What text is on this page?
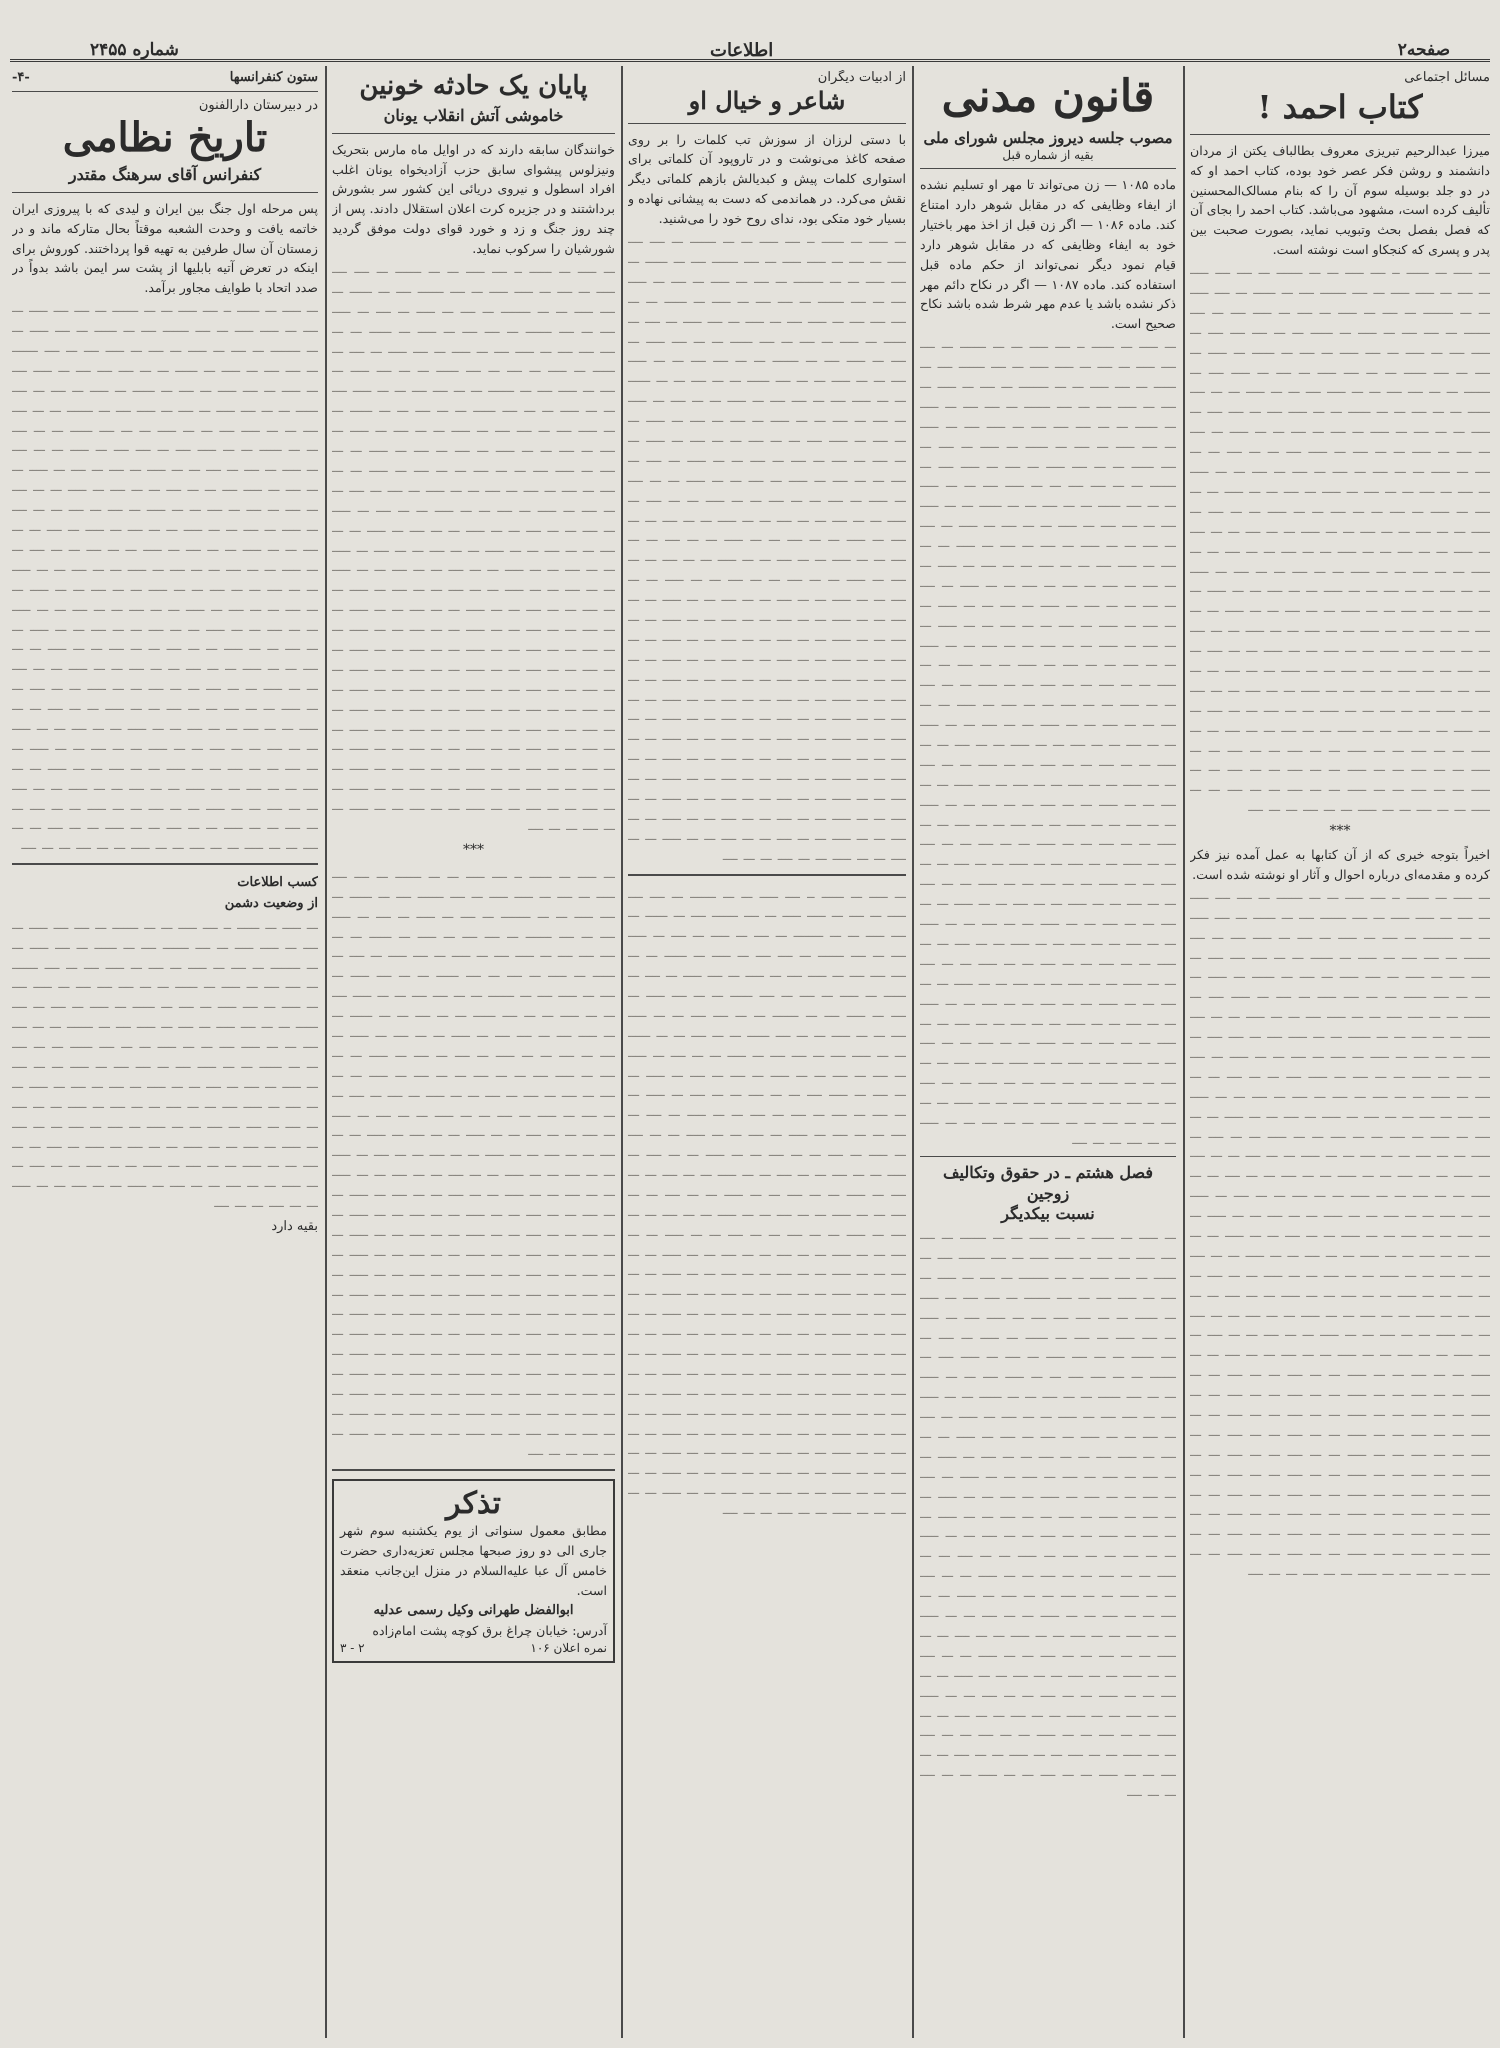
شماره ۲۴۵۵	اطلاعات	صفحه‌۲
مسائل اجتماعی
کتاب احمد !
میرزا عبدالرحیم تبریزی معروف بطالباف یکتن از مردان دانشمند و روشن فکر عصر خود بوده، کتاب احمد او که در دو جلد بوسیله سوم آن را که بنام مسالک‌المحسنین تألیف کرده است، مشهود می‌باشد. کتاب احمد را بجای آن که فصل بفصل بحث وتبویب نماید، بصورت صحبت بین پدر و پسری که کنجکاو است نوشته است.
ـــ ـــــ ـــ ــــــ ــ ــــ ـــــ ـــ ـــ ـــــــ ـــ ــــ ــــ ـــــ ـــ ــــ ـــ ـــــ ـــــ ـــ ــــ ـــــــ ــــ ـــ ــــــ ـــ ــــ ـــــ ـــ ـــ ــــــــ ـــ ــــ ـــ ـــــ ـــ ــــ ـــ ـــــ ــــ ـــ ــــ ـــــــ ـــ ــــ ــــ ـــ ـــــ ـــ ــــــ ـــ ـــ ــــ ــــ ــــ ـــ ـــــ ــــ ـــ ـــــ ـــ ــــ ـــــ ـــ ــــ ـــ ــــــ ـــ ـــــ ـــ ــــ ـــ ــــ ــــــ ـــ ـــ ــــ ـــــ ـــ ــــ ـــ ـــــ ــــ ـــ ـــــــ ـــ ـــ ــــ ــــ ـــ ـــ ـــــ ــــ ـــ ـــ ـــــ ـــ ـــ ــــ ــــــ ـــ ـــ ــــ ـــ ـــ ــــــ ـــ ـــ ـــــ ــــ ـــ ــــ ــــ ـــ ـــــ ـــ ـــ ــــ ـــ ـــــ ـــ ــــ ـــ ــــ ـــ ـــ ـــــ ـــ ــــ ـــ ــــ ـــ ـــــ ـــ ـــ ــــ ـــ ـــــ ــــ ـــ ـــ ــــ ـــ ـــ ــــ ـــ ـــــ ـــ ـــ ــــ ـــ ــــ ـــ ــــ ـــ ــــ ـــ ـــ ـــــ ـــ ــــ ـــ ــــ ـــ ـــ ــــ ـــ ـــــ ـــ ــــ ـــ ـــ ـــــ ـــ ـــ ــــ ـــ ـــــ ـــ ــــ ـــ ـــ ــــ ـــ ـــ ـــــ ـــ ـــ ــــ ـــ ـــــ ـــ ـــ ــــ ـــ ـــ ــــ ـــ ـــ ـــــ ـــ ـــ ــــ ـــ ـــ ــــ ـــ ـــــ ـــ ـــ ــــ ـــ ـــ ـــــ ـــ ـــ ــــ ـــ ـــ ــــ ـــ ـــ ـــــ ـــ ـــ ــــ ـــ ـــ ـــــ ـــ ـــ ــــ ـــ ـــ ــــ ـــ ـــــ ـــ ـــ ــــ ـــ ـــ ــــ ـــ ـــ ـــــ ـــ ـــ ــــ ـــ ـــ ـــــ ـــ ـــ ــــ ـــ ـــ ــــ ـــ ـــ ـــــ ـــ ـــ ــــ ـــ ـــ ـــــ ـــ ـــ ــــ ـــ ـــ ــــ ـــ ـــ ـــــ ـــ ـــ ــــ ـــ ـــ ـــــ ـــ ـــ ــــ ـــ ـــ ــــ ـــ ـــ ـــــ ـــ ـــ ــــ ـــ ـــ ـــــ ـــ ـــ ــــ ـــ ـــ ــــ ـــ ـــ ـــــ ـــ ـــ ــــ ـــ ـــ ـــــ ـــ ـــ ــــ ـــ ـــ ــــ ـــ ـــ ـــــ ـــ ـــ ــــ ـــ ـــ ـــــ ـــ ـــ ــــ ـــ ـــ ــــ ـــ ـــ ـــــ ـــ ـــ ــــ ـــ ـــ ـــــ ـــ ـــ ــــ ـــ ـــ ــــ ـــ ـــ ـــــ ـــ ـــ ــــ ـــ ـــ ـــــ ـــ ـــ ــــ ـــ ـــ ــــ ـــ ـــ ـــــ ـــ ـــ ــــ ـــ ـــ ـــــ ـــ ـــ ــــ ـــ ـــ ــــ ـــ ـــ ـــــ ـــ ـــ ــــ ـــ ـــ ـــــ ـــ ـــ ــــ ـــ ـــ ــــ ـــ ـــ ـــــ ـــ ـــ ــــ ـــ ـــ ـــــ ـــ ـــ ــــ ـــ ـــ ــــ ـــ ـــ ـــــ ـــ ـــ ــــ ـــ ـــ ـــــ ـــ ـــ ــــ ـــ ـــ ــــ
***
اخیراً بتوجه خیری که از آن کتابها به عمل آمده نیز فکر کرده و مقدمه‌ای درباره احوال و آثار او نوشته شده است.
ـــ ـــــ ـــ ــــــ ــ ــــ ـــــ ـــ ـــ ـــــــ ـــ ــــ ــــ ـــــ ـــ ــــ ـــ ـــــ ـــــ ـــ ــــ ـــــــ ــــ ـــ ــــــ ـــ ــــ ـــــ ـــ ـــ ــــــــ ـــ ــــ ـــ ـــــ ـــ ــــ ـــ ـــــ ــــ ـــ ــــ ـــــــ ـــ ــــ ــــ ـــ ـــــ ـــ ــــــ ـــ ـــ ــــ ــــ ــــ ـــ ـــــ ــــ ـــ ـــــ ـــ ــــ ـــــ ـــ ــــ ـــ ــــــ ـــ ـــــ ـــ ــــ ـــ ــــ ــــــ ـــ ـــ ــــ ـــــ ـــ ــــ ـــ ـــــ ــــ ـــ ـــــــ ـــ ـــ ــــ ــــ ـــ ـــ ـــــ ــــ ـــ ـــ ـــــ ـــ ـــ ــــ ــــــ ـــ ـــ ــــ ـــ ـــ ــــــ ـــ ـــ ـــــ ــــ ـــ ــــ ــــ ـــ ـــــ ـــ ـــ ــــ ـــ ـــــ ـــ ــــ ـــ ــــ ـــ ـــ ـــــ ـــ ــــ ـــ ــــ ـــ ـــــ ـــ ـــ ــــ ـــ ـــــ ــــ ـــ ـــ ــــ ـــ ـــ ــــ ـــ ـــــ ـــ ـــ ــــ ـــ ــــ ـــ ــــ ـــ ــــ ـــ ـــ ـــــ ـــ ــــ ـــ ــــ ـــ ـــ ــــ ـــ ـــــ ـــ ــــ ـــ ـــ ـــــ ـــ ـــ ــــ ـــ ـــــ ـــ ــــ ـــ ـــ ــــ ـــ ـــ ـــــ ـــ ـــ ــــ ـــ ـــــ ـــ ـــ ــــ ـــ ـــ ــــ ـــ ـــ ـــــ ـــ ـــ ــــ ـــ ـــ ــــ ـــ ـــــ ـــ ـــ ــــ ـــ ـــ ـــــ ـــ ـــ ــــ ـــ ـــ ــــ ـــ ـــ ـــــ ـــ ـــ ــــ ـــ ـــ ـــــ ـــ ـــ ــــ ـــ ـــ ــــ ـــ ـــــ ـــ ـــ ــــ ـــ ـــ ــــ ـــ ـــ ـــــ ـــ ـــ ــــ ـــ ـــ ـــــ ـــ ـــ ــــ ـــ ـــ ــــ ـــ ـــ ـــــ ـــ ـــ ــــ ـــ ـــ ـــــ ـــ ـــ ــــ ـــ ـــ ــــ ـــ ـــ ـــــ ـــ ـــ ــــ ـــ ـــ ـــــ ـــ ـــ ــــ ـــ ـــ ــــ ـــ ـــ ـــــ ـــ ـــ ــــ ـــ ـــ ـــــ ـــ ـــ ــــ ـــ ـــ ــــ ـــ ـــ ـــــ ـــ ـــ ــــ ـــ ـــ ـــــ ـــ ـــ ــــ ـــ ـــ ــــ ـــ ـــ ـــــ ـــ ـــ ــــ ـــ ـــ ـــــ ـــ ـــ ــــ ـــ ـــ ــــ ـــ ـــ ـــــ ـــ ـــ ــــ ـــ ـــ ـــــ ـــ ـــ ــــ ـــ ـــ ــــ ـــ ـــ ـــــ ـــ ـــ ــــ ـــ ـــ ـــــ ـــ ـــ ــــ ـــ ـــ ــــ ـــ ـــ ـــــ ـــ ـــ ــــ ـــ ـــ ـــــ ـــ ـــ ــــ ـــ ـــ ــــ ـــ ـــ ـــــ ـــ ـــ ــــ ـــ ـــ ـــــ ـــ ـــ ــــ ـــ ـــ ــــ ـــ ـــ ـــــ ـــ ـــ ــــ ـــ ـــ ـــــ ـــ ـــ ــــ ـــ ـــ ــــ ـــ ـــ ـــــ ـــ ـــ ــــ ـــ ـــ ـــــ ـــ ـــ ــــ ـــ ـــ ــــ ـــ ـــ ـــــ ـــ ـــ ــــ ـــ ـــ ـــــ ـــ ـــ ــــ ـــ ـــ ــــ ـــ ـــ ـــــ ـــ ـــ ــــ ـــ ـــ ـــــ ـــ ـــ ــــ ـــ ـــ ــــ ـــ ـــ ـــــ ـــ ـــ ــــ ـــ ـــ ـــــ ـــ ـــ ــــ ـــ ـــ ــــ ـــ ـــ ـــــ ـــ ـــ ــــ ـــ ـــ ـــــ ـــ ـــ ــــ ـــ ـــ ــــ ـــ ـــ ـــــ ـــ ـــ ــــ ـــ ـــ ـــــ ـــ ـــ ــــ ـــ ـــ ــــ ـــ ـــ ـــــ ـــ ـــ ــــ ـــ ـــ ـــــ ـــ ـــ ــــ ـــ ـــ ــــ ـــ ـــ ـــــ ـــ ـــ ــــ ـــ ـــ ـــــ ـــ ـــ ــــ ـــ ـــ ــــ
قانون مدنی
مصوب جلسه دیروز مجلس شورای ملی
بقیه از شماره قبل
ماده ۱۰۸۵ — زن می‌تواند تا مهر او تسلیم نشده از ایفاء وظایفی که در مقابل شوهر دارد امتناع کند. ماده ۱۰۸۶ — اگر زن قبل از اخذ مهر باختیار خود به ایفاء وظایفی که در مقابل شوهر دارد قیام نمود دیگر نمی‌تواند از حکم ماده قبل استفاده کند. ماده ۱۰۸۷ — اگر در نکاح دائم مهر ذکر نشده باشد یا عدم مهر شرط شده باشد نکاح صحیح است.
ـــ ـــــ ـــ ــــــ ــ ــــ ـــــ ـــ ـــ ـــــــ ـــ ــــ ــــ ـــــ ـــ ــــ ـــ ـــــ ـــــ ـــ ــــ ـــــــ ــــ ـــ ــــــ ـــ ــــ ـــــ ـــ ـــ ــــــــ ـــ ــــ ـــ ـــــ ـــ ــــ ـــ ـــــ ــــ ـــ ــــ ـــــــ ـــ ــــ ــــ ـــ ـــــ ـــ ــــــ ـــ ـــ ــــ ــــ ــــ ـــ ـــــ ــــ ـــ ـــــ ـــ ــــ ـــــ ـــ ــــ ـــ ــــــ ـــ ـــــ ـــ ــــ ـــ ــــ ــــــ ـــ ـــ ــــ ـــــ ـــ ــــ ـــ ـــــ ــــ ـــ ـــــــ ـــ ـــ ــــ ــــ ـــ ـــ ـــــ ــــ ـــ ـــ ـــــ ـــ ـــ ــــ ــــــ ـــ ـــ ــــ ـــ ـــ ــــــ ـــ ـــ ـــــ ــــ ـــ ــــ ــــ ـــ ـــــ ـــ ـــ ــــ ـــ ـــــ ـــ ــــ ـــ ــــ ـــ ـــ ـــــ ـــ ــــ ـــ ــــ ـــ ـــــ ـــ ـــ ــــ ـــ ـــــ ــــ ـــ ـــ ــــ ـــ ـــ ــــ ـــ ـــــ ـــ ـــ ــــ ـــ ــــ ـــ ــــ ـــ ــــ ـــ ـــ ـــــ ـــ ــــ ـــ ــــ ـــ ـــ ــــ ـــ ـــــ ـــ ــــ ـــ ـــ ـــــ ـــ ـــ ــــ ـــ ـــــ ـــ ــــ ـــ ـــ ــــ ـــ ـــ ـــــ ـــ ـــ ــــ ـــ ـــــ ـــ ـــ ــــ ـــ ـــ ــــ ـــ ـــ ـــــ ـــ ـــ ــــ ـــ ـــ ــــ ـــ ـــــ ـــ ـــ ــــ ـــ ـــ ـــــ ـــ ـــ ــــ ـــ ـــ ــــ ـــ ـــ ـــــ ـــ ـــ ــــ ـــ ـــ ـــــ ـــ ـــ ــــ ـــ ـــ ــــ ـــ ـــــ ـــ ـــ ــــ ـــ ـــ ــــ ـــ ـــ ـــــ ـــ ـــ ــــ ـــ ـــ ـــــ ـــ ـــ ــــ ـــ ـــ ــــ ـــ ـــ ـــــ ـــ ـــ ــــ ـــ ـــ ـــــ ـــ ـــ ــــ ـــ ـــ ــــ ـــ ـــ ـــــ ـــ ـــ ــــ ـــ ـــ ـــــ ـــ ـــ ــــ ـــ ـــ ــــ ـــ ـــ ـــــ ـــ ـــ ــــ ـــ ـــ ـــــ ـــ ـــ ــــ ـــ ـــ ــــ ـــ ـــ ـــــ ـــ ـــ ــــ ـــ ـــ ـــــ ـــ ـــ ــــ ـــ ـــ ــــ ـــ ـــ ـــــ ـــ ـــ ــــ ـــ ـــ ـــــ ـــ ـــ ــــ ـــ ـــ ــــ ـــ ـــ ـــــ ـــ ـــ ــــ ـــ ـــ ـــــ ـــ ـــ ــــ ـــ ـــ ــــ ـــ ـــ ـــــ ـــ ـــ ــــ ـــ ـــ ـــــ ـــ ـــ ــــ ـــ ـــ ــــ ـــ ـــ ـــــ ـــ ـــ ــــ ـــ ـــ ـــــ ـــ ـــ ــــ ـــ ـــ ــــ ـــ ـــ ـــــ ـــ ـــ ــــ ـــ ـــ ـــــ ـــ ـــ ــــ ـــ ـــ ــــ ـــ ـــ ـــــ ـــ ـــ ــــ ـــ ـــ ـــــ ـــ ـــ ــــ ـــ ـــ ــــ ـــ ـــ ـــــ ـــ ـــ ــــ ـــ ـــ ـــــ ـــ ـــ ــــ ـــ ـــ ــــ ـــ ـــ ـــــ ـــ ـــ ــــ ـــ ـــ ـــــ ـــ ـــ ــــ ـــ ـــ ــــ ـــ ـــ ـــــ ـــ ـــ ــــ ـــ ـــ ـــــ ـــ ـــ ــــ ـــ ـــ ــــ ـــ ـــ ـــــ ـــ ـــ ــــ ـــ ـــ ـــــ ـــ ـــ ــــ ـــ ـــ ــــ ـــ ـــ ـــــ ـــ ـــ ــــ ـــ ـــ ـــــ ـــ ـــ ــــ ـــ ـــ ــــ ـــ ـــ ـــــ ـــ ـــ ــــ ـــ ـــ ـــــ ـــ ـــ ــــ ـــ ـــ ــــ ـــ ـــ ـــــ ـــ ـــ ــــ ـــ ـــ ـــــ ـــ ـــ ــــ ـــ ـــ ــــ ـــ ـــ ـــــ ـــ ـــ ــــ ـــ ـــ ـــــ ـــ ـــ ــــ ـــ ـــ ــــ
فصل هشتم ـ در حقوق وتکالیف زوجین
نسبت بیکدیگر
ـــ ـــــ ـــ ــــــ ــ ــــ ـــــ ـــ ـــ ـــــــ ـــ ــــ ــــ ـــــ ـــ ــــ ـــ ـــــ ـــــ ـــ ــــ ـــــــ ــــ ـــ ــــــ ـــ ــــ ـــــ ـــ ـــ ــــــــ ـــ ــــ ـــ ـــــ ـــ ــــ ـــ ـــــ ــــ ـــ ــــ ـــــــ ـــ ــــ ــــ ـــ ـــــ ـــ ــــــ ـــ ـــ ــــ ــــ ــــ ـــ ـــــ ــــ ـــ ـــــ ـــ ــــ ـــــ ـــ ــــ ـــ ــــــ ـــ ـــــ ـــ ــــ ـــ ــــ ــــــ ـــ ـــ ــــ ـــــ ـــ ــــ ـــ ـــــ ــــ ـــ ـــــــ ـــ ـــ ــــ ــــ ـــ ـــ ـــــ ــــ ـــ ـــ ـــــ ـــ ـــ ــــ ــــــ ـــ ـــ ــــ ـــ ـــ ــــــ ـــ ـــ ـــــ ــــ ـــ ــــ ــــ ـــ ـــــ ـــ ـــ ــــ ـــ ـــــ ـــ ــــ ـــ ــــ ـــ ـــ ـــــ ـــ ــــ ـــ ــــ ـــ ـــــ ـــ ـــ ــــ ـــ ـــــ ــــ ـــ ـــ ــــ ـــ ـــ ــــ ـــ ـــــ ـــ ـــ ــــ ـــ ــــ ـــ ــــ ـــ ــــ ـــ ـــ ـــــ ـــ ــــ ـــ ــــ ـــ ـــ ــــ ـــ ـــــ ـــ ــــ ـــ ـــ ـــــ ـــ ـــ ــــ ـــ ـــــ ـــ ــــ ـــ ـــ ــــ ـــ ـــ ـــــ ـــ ـــ ــــ ـــ ـــــ ـــ ـــ ــــ ـــ ـــ ــــ ـــ ـــ ـــــ ـــ ـــ ــــ ـــ ـــ ــــ ـــ ـــــ ـــ ـــ ــــ ـــ ـــ ـــــ ـــ ـــ ــــ ـــ ـــ ــــ ـــ ـــ ـــــ ـــ ـــ ــــ ـــ ـــ ـــــ ـــ ـــ ــــ ـــ ـــ ــــ ـــ ـــــ ـــ ـــ ــــ ـــ ـــ ــــ ـــ ـــ ـــــ ـــ ـــ ــــ ـــ ـــ ـــــ ـــ ـــ ــــ ـــ ـــ ــــ ـــ ـــ ـــــ ـــ ـــ ــــ ـــ ـــ ـــــ ـــ ـــ ــــ ـــ ـــ ــــ ـــ ـــ ـــــ ـــ ـــ ــــ ـــ ـــ ـــــ ـــ ـــ ــــ ـــ ـــ ــــ ـــ ـــ ـــــ ـــ ـــ ــــ ـــ ـــ ـــــ ـــ ـــ ــــ ـــ ـــ ــــ ـــ ـــ ـــــ ـــ ـــ ــــ ـــ ـــ ـــــ ـــ ـــ ــــ ـــ ـــ ــــ ـــ ـــ ـــــ ـــ ـــ ــــ ـــ ـــ ـــــ ـــ ـــ ــــ ـــ ـــ ــــ ـــ ـــ ـــــ ـــ ـــ ــــ ـــ ـــ ـــــ ـــ ـــ ــــ ـــ ـــ ــــ ـــ ـــ ـــــ ـــ ـــ ــــ ـــ ـــ ـــــ ـــ ـــ ــــ ـــ ـــ ــــ
از ادبیات دیگران
شاعر و خیال او
با دستی لرزان از سوزش تب کلمات را بر روی صفحه کاغذ می‌نوشت و در تاروپود آن کلماتی برای استواری کلمات پیش و کبدیالش بازهم کلماتی دیگر نقش می‌کرد. در هماندمی که دست به پیشانی نهاده و بسیار خود متکی بود، ندای روح خود را می‌شنید.
ـــ ـــــ ـــ ــــــ ــ ــــ ـــــ ـــ ـــ ـــــــ ـــ ــــ ــــ ـــــ ـــ ــــ ـــ ـــــ ـــــ ـــ ــــ ـــــــ ــــ ـــ ــــــ ـــ ــــ ـــــ ـــ ـــ ــــــــ ـــ ــــ ـــ ـــــ ـــ ــــ ـــ ـــــ ــــ ـــ ــــ ـــــــ ـــ ــــ ــــ ـــ ـــــ ـــ ــــــ ـــ ـــ ــــ ــــ ــــ ـــ ـــــ ــــ ـــ ـــــ ـــ ــــ ـــــ ـــ ــــ ـــ ــــــ ـــ ـــــ ـــ ــــ ـــ ــــ ــــــ ـــ ـــ ــــ ـــــ ـــ ــــ ـــ ـــــ ــــ ـــ ـــــــ ـــ ـــ ــــ ــــ ـــ ـــ ـــــ ــــ ـــ ـــ ـــــ ـــ ـــ ــــ ــــــ ـــ ـــ ــــ ـــ ـــ ــــــ ـــ ـــ ـــــ ــــ ـــ ــــ ــــ ـــ ـــــ ـــ ـــ ــــ ـــ ـــــ ـــ ــــ ـــ ــــ ـــ ـــ ـــــ ـــ ــــ ـــ ــــ ـــ ـــــ ـــ ـــ ــــ ـــ ـــــ ــــ ـــ ـــ ــــ ـــ ـــ ــــ ـــ ـــــ ـــ ـــ ــــ ـــ ــــ ـــ ــــ ـــ ــــ ـــ ـــ ـــــ ـــ ــــ ـــ ــــ ـــ ـــ ــــ ـــ ـــــ ـــ ــــ ـــ ـــ ـــــ ـــ ـــ ــــ ـــ ـــــ ـــ ــــ ـــ ـــ ــــ ـــ ـــ ـــــ ـــ ـــ ــــ ـــ ـــــ ـــ ـــ ــــ ـــ ـــ ــــ ـــ ـــ ـــــ ـــ ـــ ــــ ـــ ـــ ــــ ـــ ـــــ ـــ ـــ ــــ ـــ ـــ ـــــ ـــ ـــ ــــ ـــ ـــ ــــ ـــ ـــ ـــــ ـــ ـــ ــــ ـــ ـــ ـــــ ـــ ـــ ــــ ـــ ـــ ــــ ـــ ـــــ ـــ ـــ ــــ ـــ ـــ ــــ ـــ ـــ ـــــ ـــ ـــ ــــ ـــ ـــ ـــــ ـــ ـــ ــــ ـــ ـــ ــــ ـــ ـــ ـــــ ـــ ـــ ــــ ـــ ـــ ـــــ ـــ ـــ ــــ ـــ ـــ ــــ ـــ ـــ ـــــ ـــ ـــ ــــ ـــ ـــ ـــــ ـــ ـــ ــــ ـــ ـــ ــــ ـــ ـــ ـــــ ـــ ـــ ــــ ـــ ـــ ـــــ ـــ ـــ ــــ ـــ ـــ ــــ ـــ ـــ ـــــ ـــ ـــ ــــ ـــ ـــ ـــــ ـــ ـــ ــــ ـــ ـــ ــــ ـــ ـــ ـــــ ـــ ـــ ــــ ـــ ـــ ـــــ ـــ ـــ ــــ ـــ ـــ ــــ ـــ ـــ ـــــ ـــ ـــ ــــ ـــ ـــ ـــــ ـــ ـــ ــــ ـــ ـــ ــــ ـــ ـــ ـــــ ـــ ـــ ــــ ـــ ـــ ـــــ ـــ ـــ ــــ ـــ ـــ ــــ ـــ ـــ ـــــ ـــ ـــ ــــ ـــ ـــ ـــــ ـــ ـــ ــــ ـــ ـــ ــــ ـــ ـــ ـــــ ـــ ـــ ــــ ـــ ـــ ـــــ ـــ ـــ ــــ ـــ ـــ ــــ ـــ ـــ ـــــ ـــ ـــ ــــ ـــ ـــ ـــــ ـــ ـــ ــــ ـــ ـــ ــــ ـــ ـــ ـــــ ـــ ـــ ــــ ـــ ـــ ـــــ ـــ ـــ ــــ ـــ ـــ ــــ ـــ ـــ ـــــ ـــ ـــ ــــ ـــ ـــ ـــــ ـــ ـــ ــــ ـــ ـــ ــــ ـــ ـــ ـــــ ـــ ـــ ــــ ـــ ـــ ـــــ ـــ ـــ ــــ ـــ ـــ ــــ
ـــ ـــــ ـــ ــــــ ــ ــــ ـــــ ـــ ـــ ـــــــ ـــ ــــ ــــ ـــــ ـــ ــــ ـــ ـــــ ـــــ ـــ ــــ ـــــــ ــــ ـــ ــــــ ـــ ــــ ـــــ ـــ ـــ ــــــــ ـــ ــــ ـــ ـــــ ـــ ــــ ـــ ـــــ ــــ ـــ ــــ ـــــــ ـــ ــــ ــــ ـــ ـــــ ـــ ــــــ ـــ ـــ ــــ ــــ ــــ ـــ ـــــ ــــ ـــ ـــــ ـــ ــــ ـــــ ـــ ــــ ـــ ــــــ ـــ ـــــ ـــ ــــ ـــ ــــ ــــــ ـــ ـــ ــــ ـــــ ـــ ــــ ـــ ـــــ ــــ ـــ ـــــــ ـــ ـــ ــــ ــــ ـــ ـــ ـــــ ــــ ـــ ـــ ـــــ ـــ ـــ ــــ ــــــ ـــ ـــ ــــ ـــ ـــ ــــــ ـــ ـــ ـــــ ــــ ـــ ــــ ــــ ـــ ـــــ ـــ ـــ ــــ ـــ ـــــ ـــ ــــ ـــ ــــ ـــ ـــ ـــــ ـــ ــــ ـــ ــــ ـــ ـــــ ـــ ـــ ــــ ـــ ـــــ ــــ ـــ ـــ ــــ ـــ ـــ ــــ ـــ ـــــ ـــ ـــ ــــ ـــ ــــ ـــ ــــ ـــ ــــ ـــ ـــ ـــــ ـــ ــــ ـــ ــــ ـــ ـــ ــــ ـــ ـــــ ـــ ــــ ـــ ـــ ـــــ ـــ ـــ ــــ ـــ ـــــ ـــ ــــ ـــ ـــ ــــ ـــ ـــ ـــــ ـــ ـــ ــــ ـــ ـــــ ـــ ـــ ــــ ـــ ـــ ــــ ـــ ـــ ـــــ ـــ ـــ ــــ ـــ ـــ ــــ ـــ ـــــ ـــ ـــ ــــ ـــ ـــ ـــــ ـــ ـــ ــــ ـــ ـــ ــــ ـــ ـــ ـــــ ـــ ـــ ــــ ـــ ـــ ـــــ ـــ ـــ ــــ ـــ ـــ ــــ ـــ ـــــ ـــ ـــ ــــ ـــ ـــ ــــ ـــ ـــ ـــــ ـــ ـــ ــــ ـــ ـــ ـــــ ـــ ـــ ــــ ـــ ـــ ــــ ـــ ـــ ـــــ ـــ ـــ ــــ ـــ ـــ ـــــ ـــ ـــ ــــ ـــ ـــ ــــ ـــ ـــ ـــــ ـــ ـــ ــــ ـــ ـــ ـــــ ـــ ـــ ــــ ـــ ـــ ــــ ـــ ـــ ـــــ ـــ ـــ ــــ ـــ ـــ ـــــ ـــ ـــ ــــ ـــ ـــ ــــ ـــ ـــ ـــــ ـــ ـــ ــــ ـــ ـــ ـــــ ـــ ـــ ــــ ـــ ـــ ــــ ـــ ـــ ـــــ ـــ ـــ ــــ ـــ ـــ ـــــ ـــ ـــ ــــ ـــ ـــ ــــ ـــ ـــ ـــــ ـــ ـــ ــــ ـــ ـــ ـــــ ـــ ـــ ــــ ـــ ـــ ــــ ـــ ـــ ـــــ ـــ ـــ ــــ ـــ ـــ ـــــ ـــ ـــ ــــ ـــ ـــ ــــ ـــ ـــ ـــــ ـــ ـــ ــــ ـــ ـــ ـــــ ـــ ـــ ــــ ـــ ـــ ــــ ـــ ـــ ـــــ ـــ ـــ ــــ ـــ ـــ ـــــ ـــ ـــ ــــ ـــ ـــ ــــ ـــ ـــ ـــــ ـــ ـــ ــــ ـــ ـــ ـــــ ـــ ـــ ــــ ـــ ـــ ــــ ـــ ـــ ـــــ ـــ ـــ ــــ ـــ ـــ ـــــ ـــ ـــ ــــ ـــ ـــ ــــ ـــ ـــ ـــــ ـــ ـــ ــــ ـــ ـــ ـــــ ـــ ـــ ــــ ـــ ـــ ــــ ـــ ـــ ـــــ ـــ ـــ ــــ ـــ ـــ ـــــ ـــ ـــ ــــ ـــ ـــ ــــ
پایان یک حادثه خونین
خاموشی آتش انقلاب یونان
خوانندگان سابقه دارند که در اوایل ماه مارس بتحریک ونیزلوس پیشوای سابق حزب آزادیخواه یونان اغلب افراد اسطول و نیروی دریائی این کشور سر بشورش برداشتند و در جزیره کرت اعلان استقلال دادند. پس از چند روز جنگ و زد و خورد قوای دولت موفق گردید شورشیان را سرکوب نماید.
ـــ ـــــ ـــ ــــــ ــ ــــ ـــــ ـــ ـــ ـــــــ ـــ ــــ ــــ ـــــ ـــ ــــ ـــ ـــــ ـــــ ـــ ــــ ـــــــ ــــ ـــ ــــــ ـــ ــــ ـــــ ـــ ـــ ــــــــ ـــ ــــ ـــ ـــــ ـــ ــــ ـــ ـــــ ــــ ـــ ــــ ـــــــ ـــ ــــ ــــ ـــ ـــــ ـــ ــــــ ـــ ـــ ــــ ــــ ــــ ـــ ـــــ ــــ ـــ ـــــ ـــ ــــ ـــــ ـــ ــــ ـــ ــــــ ـــ ـــــ ـــ ــــ ـــ ــــ ــــــ ـــ ـــ ــــ ـــــ ـــ ــــ ـــ ـــــ ــــ ـــ ـــــــ ـــ ـــ ــــ ــــ ـــ ـــ ـــــ ــــ ـــ ـــ ـــــ ـــ ـــ ــــ ــــــ ـــ ـــ ــــ ـــ ـــ ــــــ ـــ ـــ ـــــ ــــ ـــ ــــ ــــ ـــ ـــــ ـــ ـــ ــــ ـــ ـــــ ـــ ــــ ـــ ــــ ـــ ـــ ـــــ ـــ ــــ ـــ ــــ ـــ ـــــ ـــ ـــ ــــ ـــ ـــــ ــــ ـــ ـــ ــــ ـــ ـــ ــــ ـــ ـــــ ـــ ـــ ــــ ـــ ــــ ـــ ــــ ـــ ــــ ـــ ـــ ـــــ ـــ ــــ ـــ ــــ ـــ ـــ ــــ ـــ ـــــ ـــ ــــ ـــ ـــ ـــــ ـــ ـــ ــــ ـــ ـــــ ـــ ــــ ـــ ـــ ــــ ـــ ـــ ـــــ ـــ ـــ ــــ ـــ ـــــ ـــ ـــ ــــ ـــ ـــ ــــ ـــ ـــ ـــــ ـــ ـــ ــــ ـــ ـــ ــــ ـــ ـــــ ـــ ـــ ــــ ـــ ـــ ـــــ ـــ ـــ ــــ ـــ ـــ ــــ ـــ ـــ ـــــ ـــ ـــ ــــ ـــ ـــ ـــــ ـــ ـــ ــــ ـــ ـــ ــــ ـــ ـــــ ـــ ـــ ــــ ـــ ـــ ــــ ـــ ـــ ـــــ ـــ ـــ ــــ ـــ ـــ ـــــ ـــ ـــ ــــ ـــ ـــ ــــ ـــ ـــ ـــــ ـــ ـــ ــــ ـــ ـــ ـــــ ـــ ـــ ــــ ـــ ـــ ــــ ـــ ـــ ـــــ ـــ ـــ ــــ ـــ ـــ ـــــ ـــ ـــ ــــ ـــ ـــ ــــ ـــ ـــ ـــــ ـــ ـــ ــــ ـــ ـــ ـــــ ـــ ـــ ــــ ـــ ـــ ــــ ـــ ـــ ـــــ ـــ ـــ ــــ ـــ ـــ ـــــ ـــ ـــ ــــ ـــ ـــ ــــ ـــ ـــ ـــــ ـــ ـــ ــــ ـــ ـــ ـــــ ـــ ـــ ــــ ـــ ـــ ــــ ـــ ـــ ـــــ ـــ ـــ ــــ ـــ ـــ ـــــ ـــ ـــ ــــ ـــ ـــ ــــ ـــ ـــ ـــــ ـــ ـــ ــــ ـــ ـــ ـــــ ـــ ـــ ــــ ـــ ـــ ــــ ـــ ـــ ـــــ ـــ ـــ ــــ ـــ ـــ ـــــ ـــ ـــ ــــ ـــ ـــ ــــ ـــ ـــ ـــــ ـــ ـــ ــــ ـــ ـــ ـــــ ـــ ـــ ــــ ـــ ـــ ــــ ـــ ـــ ـــــ ـــ ـــ ــــ ـــ ـــ ـــــ ـــ ـــ ــــ ـــ ـــ ــــ
***
ـــ ـــــ ـــ ــــــ ــ ــــ ـــــ ـــ ـــ ـــــــ ـــ ــــ ــــ ـــــ ـــ ــــ ـــ ـــــ ـــــ ـــ ــــ ـــــــ ــــ ـــ ــــــ ـــ ــــ ـــــ ـــ ـــ ــــــــ ـــ ــــ ـــ ـــــ ـــ ــــ ـــ ـــــ ــــ ـــ ــــ ـــــــ ـــ ــــ ــــ ـــ ـــــ ـــ ــــــ ـــ ـــ ــــ ــــ ــــ ـــ ـــــ ــــ ـــ ـــــ ـــ ــــ ـــــ ـــ ــــ ـــ ــــــ ـــ ـــــ ـــ ــــ ـــ ــــ ــــــ ـــ ـــ ــــ ـــــ ـــ ــــ ـــ ـــــ ــــ ـــ ـــــــ ـــ ـــ ــــ ــــ ـــ ـــ ـــــ ــــ ـــ ـــ ـــــ ـــ ـــ ــــ ــــــ ـــ ـــ ــــ ـــ ـــ ــــــ ـــ ـــ ـــــ ــــ ـــ ــــ ــــ ـــ ـــــ ـــ ـــ ــــ ـــ ـــــ ـــ ــــ ـــ ــــ ـــ ـــ ـــــ ـــ ــــ ـــ ــــ ـــ ـــــ ـــ ـــ ــــ ـــ ـــــ ــــ ـــ ـــ ــــ ـــ ـــ ــــ ـــ ـــــ ـــ ـــ ــــ ـــ ــــ ـــ ــــ ـــ ــــ ـــ ـــ ـــــ ـــ ــــ ـــ ــــ ـــ ـــ ــــ ـــ ـــــ ـــ ــــ ـــ ـــ ـــــ ـــ ـــ ــــ ـــ ـــــ ـــ ــــ ـــ ـــ ــــ ـــ ـــ ـــــ ـــ ـــ ــــ ـــ ـــــ ـــ ـــ ــــ ـــ ـــ ــــ ـــ ـــ ـــــ ـــ ـــ ــــ ـــ ـــ ــــ ـــ ـــــ ـــ ـــ ــــ ـــ ـــ ـــــ ـــ ـــ ــــ ـــ ـــ ــــ ـــ ـــ ـــــ ـــ ـــ ــــ ـــ ـــ ـــــ ـــ ـــ ــــ ـــ ـــ ــــ ـــ ـــــ ـــ ـــ ــــ ـــ ـــ ــــ ـــ ـــ ـــــ ـــ ـــ ــــ ـــ ـــ ـــــ ـــ ـــ ــــ ـــ ـــ ــــ ـــ ـــ ـــــ ـــ ـــ ــــ ـــ ـــ ـــــ ـــ ـــ ــــ ـــ ـــ ــــ ـــ ـــ ـــــ ـــ ـــ ــــ ـــ ـــ ـــــ ـــ ـــ ــــ ـــ ـــ ــــ ـــ ـــ ـــــ ـــ ـــ ــــ ـــ ـــ ـــــ ـــ ـــ ــــ ـــ ـــ ــــ ـــ ـــ ـــــ ـــ ـــ ــــ ـــ ـــ ـــــ ـــ ـــ ــــ ـــ ـــ ــــ ـــ ـــ ـــــ ـــ ـــ ــــ ـــ ـــ ـــــ ـــ ـــ ــــ ـــ ـــ ــــ ـــ ـــ ـــــ ـــ ـــ ــــ ـــ ـــ ـــــ ـــ ـــ ــــ ـــ ـــ ــــ ـــ ـــ ـــــ ـــ ـــ ــــ ـــ ـــ ـــــ ـــ ـــ ــــ ـــ ـــ ــــ ـــ ـــ ـــــ ـــ ـــ ــــ ـــ ـــ ـــــ ـــ ـــ ــــ ـــ ـــ ــــ ـــ ـــ ـــــ ـــ ـــ ــــ ـــ ـــ ـــــ ـــ ـــ ــــ ـــ ـــ ــــ ـــ ـــ ـــــ ـــ ـــ ــــ ـــ ـــ ـــــ ـــ ـــ ــــ ـــ ـــ ــــ ـــ ـــ ـــــ ـــ ـــ ــــ ـــ ـــ ـــــ ـــ ـــ ــــ ـــ ـــ ــــ
تذکر
مطابق معمول سنواتی از یوم یکشنبه سوم شهر جاری الی دو روز صبحها مجلس تعزیه‌داری حضرت خامس آل عبا علیه‌السلام در منزل این‌جانب منعقد است.
ابوالفضل طهرانی وکیل رسمی عدلیه
آدرس: خیابان چراغ برق کوچه پشت امام‌زاده
نمره اعلان ۱۰۶
۲ - ۳
ستون کنفرانسها
-۴-
در دبیرستان دارالفنون
تاریخ نظامی
کنفرانس آقای سرهنگ مقتدر
پس مرحله اول جنگ بین ایران و لیدی که با پیروزی ایران خاتمه یافت و وحدت الشعبه موقتاً بحال متارکه ماند و در زمستان آن سال طرفین به تهیه قوا پرداختند. کوروش برای اینکه در تعرض آتیه بابلیها از پشت سر ایمن باشد بدواً در صدد اتحاد با طوایف مجاور برآمد.
ـــ ـــــ ـــ ــــــ ــ ــــ ـــــ ـــ ـــ ـــــــ ـــ ــــ ــــ ـــــ ـــ ــــ ـــ ـــــ ـــــ ـــ ــــ ـــــــ ــــ ـــ ــــــ ـــ ــــ ـــــ ـــ ـــ ــــــــ ـــ ــــ ـــ ـــــ ـــ ــــ ـــ ـــــ ــــ ـــ ــــ ـــــــ ـــ ــــ ــــ ـــ ـــــ ـــ ــــــ ـــ ـــ ــــ ــــ ــــ ـــ ـــــ ــــ ـــ ـــــ ـــ ــــ ـــــ ـــ ــــ ـــ ــــــ ـــ ـــــ ـــ ــــ ـــ ــــ ــــــ ـــ ـــ ــــ ـــــ ـــ ــــ ـــ ـــــ ــــ ـــ ـــــــ ـــ ـــ ــــ ــــ ـــ ـــ ـــــ ــــ ـــ ـــ ـــــ ـــ ـــ ــــ ــــــ ـــ ـــ ــــ ـــ ـــ ــــــ ـــ ـــ ـــــ ــــ ـــ ــــ ــــ ـــ ـــــ ـــ ـــ ــــ ـــ ـــــ ـــ ــــ ـــ ــــ ـــ ـــ ـــــ ـــ ــــ ـــ ــــ ـــ ـــــ ـــ ـــ ــــ ـــ ـــــ ــــ ـــ ـــ ــــ ـــ ـــ ــــ ـــ ـــــ ـــ ـــ ــــ ـــ ــــ ـــ ــــ ـــ ــــ ـــ ـــ ـــــ ـــ ــــ ـــ ــــ ـــ ـــ ــــ ـــ ـــــ ـــ ــــ ـــ ـــ ـــــ ـــ ـــ ــــ ـــ ـــــ ـــ ــــ ـــ ـــ ــــ ـــ ـــ ـــــ ـــ ـــ ــــ ـــ ـــــ ـــ ـــ ــــ ـــ ـــ ــــ ـــ ـــ ـــــ ـــ ـــ ــــ ـــ ـــ ــــ ـــ ـــــ ـــ ـــ ــــ ـــ ـــ ـــــ ـــ ـــ ــــ ـــ ـــ ــــ ـــ ـــ ـــــ ـــ ـــ ــــ ـــ ـــ ـــــ ـــ ـــ ــــ ـــ ـــ ــــ ـــ ـــــ ـــ ـــ ــــ ـــ ـــ ــــ ـــ ـــ ـــــ ـــ ـــ ــــ ـــ ـــ ـــــ ـــ ـــ ــــ ـــ ـــ ــــ ـــ ـــ ـــــ ـــ ـــ ــــ ـــ ـــ ـــــ ـــ ـــ ــــ ـــ ـــ ــــ ـــ ـــ ـــــ ـــ ـــ ــــ ـــ ـــ ـــــ ـــ ـــ ــــ ـــ ـــ ــــ ـــ ـــ ـــــ ـــ ـــ ــــ ـــ ـــ ـــــ ـــ ـــ ــــ ـــ ـــ ــــ ـــ ـــ ـــــ ـــ ـــ ــــ ـــ ـــ ـــــ ـــ ـــ ــــ ـــ ـــ ــــ ـــ ـــ ـــــ ـــ ـــ ــــ ـــ ـــ ـــــ ـــ ـــ ــــ ـــ ـــ ــــ ـــ ـــ ـــــ ـــ ـــ ــــ ـــ ـــ ـــــ ـــ ـــ ــــ ـــ ـــ ــــ ـــ ـــ ـــــ ـــ ـــ ــــ ـــ ـــ ـــــ ـــ ـــ ــــ ـــ ـــ ــــ ـــ ـــ ـــــ ـــ ـــ ــــ ـــ ـــ ـــــ ـــ ـــ ــــ ـــ ـــ ــــ ـــ ـــ ـــــ ـــ ـــ ــــ ـــ ـــ ـــــ ـــ ـــ ــــ ـــ ـــ ــــ ـــ ـــ ـــــ ـــ ـــ ــــ ـــ ـــ ـــــ ـــ ـــ ــــ ـــ ـــ ــــ ـــ ـــ ـــــ ـــ ـــ ــــ ـــ ـــ ـــــ ـــ ـــ ــــ ـــ ـــ ــــ ـــ ـــ ـــــ ـــ ـــ ــــ ـــ ـــ ـــــ ـــ ـــ ــــ ـــ ـــ ــــ
کسب اطلاعات
از وضعیت دشمن
ـــ ـــــ ـــ ــــــ ــ ــــ ـــــ ـــ ـــ ـــــــ ـــ ــــ ــــ ـــــ ـــ ــــ ـــ ـــــ ـــــ ـــ ــــ ـــــــ ــــ ـــ ــــــ ـــ ــــ ـــــ ـــ ـــ ــــــــ ـــ ــــ ـــ ـــــ ـــ ــــ ـــ ـــــ ــــ ـــ ــــ ـــــــ ـــ ــــ ــــ ـــ ـــــ ـــ ــــــ ـــ ـــ ــــ ــــ ــــ ـــ ـــــ ــــ ـــ ـــــ ـــ ــــ ـــــ ـــ ــــ ـــ ــــــ ـــ ـــــ ـــ ــــ ـــ ــــ ــــــ ـــ ـــ ــــ ـــــ ـــ ــــ ـــ ـــــ ــــ ـــ ـــــــ ـــ ـــ ــــ ــــ ـــ ـــ ـــــ ــــ ـــ ـــ ـــــ ـــ ـــ ــــ ــــــ ـــ ـــ ــــ ـــ ـــ ــــــ ـــ ـــ ـــــ ــــ ـــ ــــ ــــ ـــ ـــــ ـــ ـــ ــــ ـــ ـــــ ـــ ــــ ـــ ــــ ـــ ـــ ـــــ ـــ ــــ ـــ ــــ ـــ ـــــ ـــ ـــ ــــ ـــ ـــــ ــــ ـــ ـــ ــــ ـــ ـــ ــــ ـــ ـــــ ـــ ـــ ــــ ـــ ــــ ـــ ــــ ـــ ــــ ـــ ـــ ـــــ ـــ ــــ ـــ ــــ ـــ ـــ ــــ ـــ ـــــ ـــ ــــ ـــ ـــ ـــــ ـــ ـــ ــــ ـــ ـــــ ـــ ــــ ـــ ـــ ــــ ـــ ـــ ـــــ ـــ ـــ ــــ ـــ ـــــ ـــ ـــ ــــ ـــ ـــ ــــ ـــ ـــ ـــــ ـــ ـــ ــــ ـــ ـــ ــــ ـــ ـــــ ـــ ـــ ــــ ـــ ـــ ـــــ ـــ ـــ ــــ ـــ ـــ ــــ
بقیه دارد
